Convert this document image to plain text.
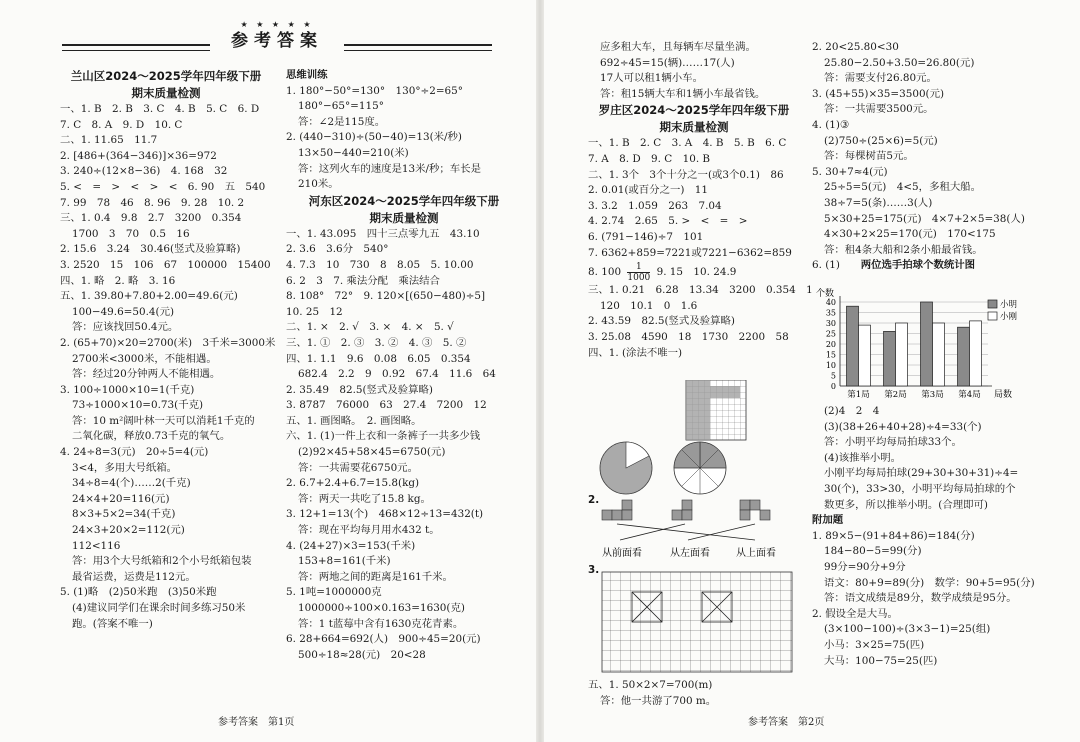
★ ★ ★ ★ ★
参考答案
兰山区2024～2025学年四年级下册
期末质量检测
一、1. B　2. B　3. C　4. B　5. C　6. D
7. C　8. A　9. D　10. C
二、1. 11.65　11.7
2. [486+(364−346)]×36=972
3. 240÷(12×8−36)　4. 168　32
5. <　=　>　<　>　<　6. 90　五　540
7. 99　78　46　8. 96　9. 28　10. 2
三、1. 0.4　9.8　2.7　3200　0.354
1700　3　70　0.5　16
2. 15.6　3.24　30.46(竖式及验算略)
3. 2520　15　106　67　100000　15400
四、1. 略　2. 略　3. 16
五、1. 39.80+7.80+2.00=49.6(元)
100−49.6=50.4(元)
答：应该找回50.4元。
2. (65+70)×20=2700(米)　3千米=3000米
2700米<3000米，不能相遇。
答：经过20分钟两人不能相遇。
3. 100÷1000×10=1(千克)
73÷1000×10=0.73(千克)
答：10 m²阔叶林一天可以消耗1千克的
二氧化碳，释放0.73千克的氧气。
4. 24÷8=3(元)　20÷5=4(元)
3<4，多用大号纸箱。
34÷8=4(个)……2(千克)
24×4+20=116(元)
8×3+5×2=34(千克)
24×3+20×2=112(元)
112<116
答：用3个大号纸箱和2个小号纸箱包装
最省运费，运费是112元。
5. (1)略　(2)50米跑　(3)50米跑
(4)建议同学们在课余时间多练习50米
跑。(答案不唯一)
思维训练
1. 180°−50°=130°　130°÷2=65°
180°−65°=115°
答：∠2是115度。
2. (440−310)÷(50−40)=13(米/秒)
13×50−440=210(米)
答：这列火车的速度是13米/秒；车长是
210米。
河东区2024～2025学年四年级下册
期末质量检测
一、1. 43.095　四十三点零九五　43.10
2. 3.6　3.6分　540°
4. 7.3　10　730　8　8.05　5. 10.00
6. 2　3　7. 乘法分配　乘法结合
8. 108°　72°　9. 120×[(650−480)÷5]
10. 25　12
二、1. ×　2. √　3. ×　4. ×　5. √
三、1. ①　2. ③　3. ②　4. ③　5. ②
四、1. 1.1　9.6　0.08　6.05　0.354
682.4　2.2　9　0.92　67.4　11.6　64
2. 35.49　82.5(竖式及验算略)
3. 8787　76000　63　27.4　7200　12
五、1. 画图略。　2. 画图略。
六、1. (1)一件上衣和一条裤子一共多少钱
(2)92×45+58×45=6750(元)
答：一共需要花6750元。
2. 6.7+2.4+6.7=15.8(kg)
答：两天一共吃了15.8 kg。
3. 12+1=13(个)　468×12÷13=432(t)
答：现在平均每月用水432 t。
4. (24+27)×3=153(千米)
153+8=161(千米)
答：两地之间的距离是161千米。
5. 1吨=1000000克
1000000÷100×0.163=1630(克)
答：1 t蓝莓中含有1630克花青素。
6. 28+664=692(人)　900÷45=20(元)
500÷18≈28(元)　20<28
应多租大车，且每辆车尽量坐满。
692÷45=15(辆)……17(人)
17人可以租1辆小车。
答：租15辆大车和1辆小车最省钱。
罗庄区2024～2025学年四年级下册
期末质量检测
一、1. B　2. C　3. A　4. B　5. B　6. C
7. A　8. D　9. C　10. B
二、1. 3个　3个十分之一(或3个0.1)　86
2. 0.01(或百分之一)　11
3. 3.2　1.059　263　7.04
4. 2.74　2.65　5. >　<　=　>
6. (791−146)÷7　101
7. 6362+859=7221或7221−6362=859
8. $100 \frac{1}{1000} 9$. 15　10. 24.9
三、1. 0.21　6.28　13.34　3200　0.354　1
120　10.1　0　1.6
2. 43.59　82.5(竖式及验算略)
3. 25.08　4590　18　1730　2200　58
四、1. (涂法不唯一)
从前面看	从左面看	从上面看
2.
3.
五、1. 50×2×7=700(m)
答：他一共游了700 m。
2. 20<25.80<30
25.80−2.50+3.50=26.80(元)
答：需要支付26.80元。
3. (45+55)×35=3500(元)
答：一共需要3500元。
4. (1)③
(2)750÷(25×6)=5(元)
答：每棵树苗5元。
5. 30+7≈4(元)
25÷5=5(元)　4<5，多租大船。
38÷7=5(条)……3(人)
5×30+25=175(元)　4×7+2×5=38(人)
4×30+2×25=170(元)　170<175
答：租4条大船和2条小船最省钱。
6. (1)　　 两位选手拍球个数统计图
个数
0
5
10
15
20
25
30
35
40
第1局 第2局 第3局 第4局 局数
小明
小刚
(2)4　2　4
(3)(38+26+40+28)÷4=33(个)
答：小明平均每局拍球33个。
(4)该推举小明。
小刚平均每局拍球(29+30+30+31)÷4=
30(个)，33>30，小明平均每局拍球的个
数更多，所以推举小明。(合理即可)
附加题
1. 89×5−(91+84+86)=184(分)
184−80−5=99(分)
99分=90分+9分
语文：80+9=89(分)　数学：90+5=95(分)
答：语文成绩是89分，数学成绩是95分。
2. 假设全是大马。
(3×100−100)÷(3×3−1)=25(组)
小马：3×25=75(匹)
大马：100−75=25(匹)
参考答案　第1页	参考答案　第2页
